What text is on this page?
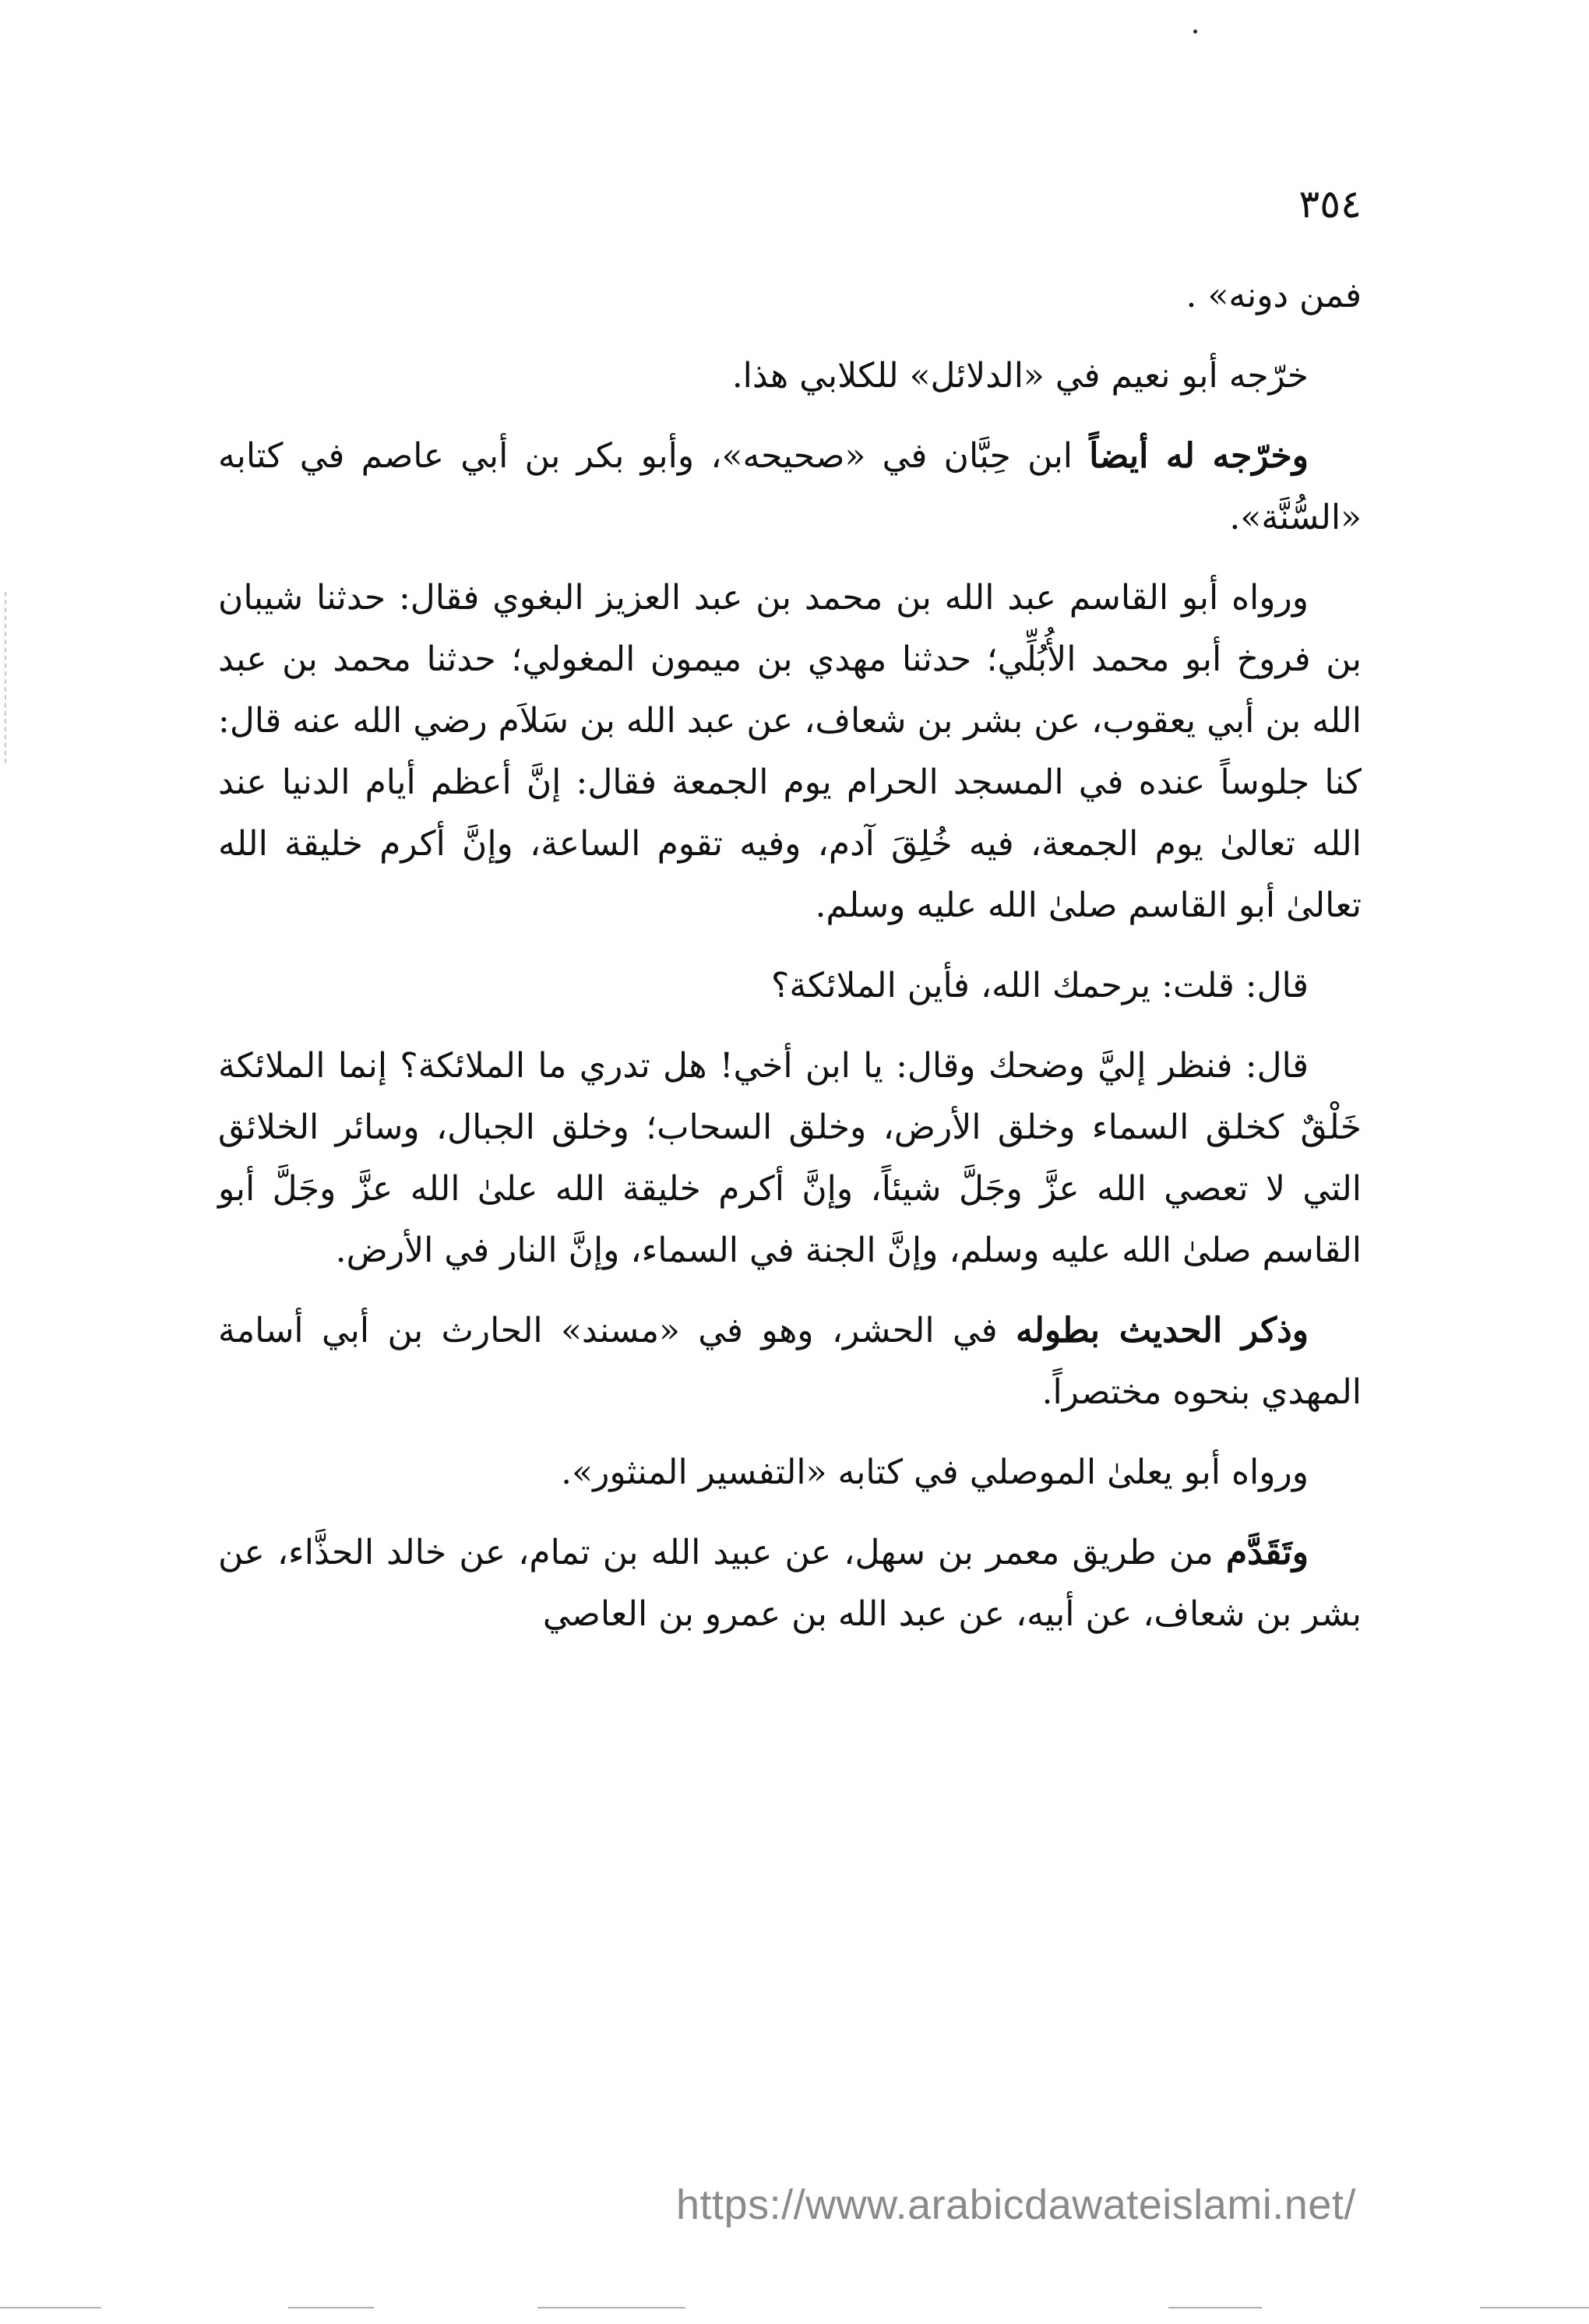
٣٥٤

فمن دونه» .

خرّجه أبو نعيم في «الدلائل» للكلابي هذا.

وخرّجه له أيضاً ابن حِبَّان في «صحيحه»، وأبو بكر بن أبي عاصم في كتابه «السُّنَّة».

ورواه أبو القاسم عبد الله بن محمد بن عبد العزيز البغوي فقال: حدثنا شيبان بن فروخ أبو محمد الأُبُلِّي؛ حدثنا مهدي بن ميمون المغولي؛ حدثنا محمد بن عبد الله بن أبي يعقوب، عن بشر بن شعاف، عن عبد الله بن سَلاَم رضي الله عنه قال: كنا جلوساً عنده في المسجد الحرام يوم الجمعة فقال: إنَّ أعظم أيام الدنيا عند الله تعالىٰ يوم الجمعة، فيه خُلِقَ آدم، وفيه تقوم الساعة، وإنَّ أكرم خليقة الله تعالىٰ أبو القاسم صلىٰ الله عليه وسلم.

قال: قلت: يرحمك الله، فأين الملائكة؟

قال: فنظر إليَّ وضحك وقال: يا ابن أخي! هل تدري ما الملائكة؟ إنما الملائكة خَلْقٌ كخلق السماء وخلق الأرض، وخلق السحاب؛ وخلق الجبال، وسائر الخلائق التي لا تعصي الله عزَّ وجَلَّ شيئاً، وإنَّ أكرم خليقة الله علىٰ الله عزَّ وجَلَّ أبو القاسم صلىٰ الله عليه وسلم، وإنَّ الجنة في السماء، وإنَّ النار في الأرض.

وذكر الحديث بطوله في الحشر، وهو في «مسند» الحارث بن أبي أسامة المهدي بنحوه مختصراً.

ورواه أبو يعلىٰ الموصلي في كتابه «التفسير المنثور».

وتَقَدَّم من طريق معمر بن سهل، عن عبيد الله بن تمام، عن خالد الحذَّاء، عن بشر بن شعاف، عن أبيه، عن عبد الله بن عمرو بن العاصي

https://www.arabicdawateislami.net/
